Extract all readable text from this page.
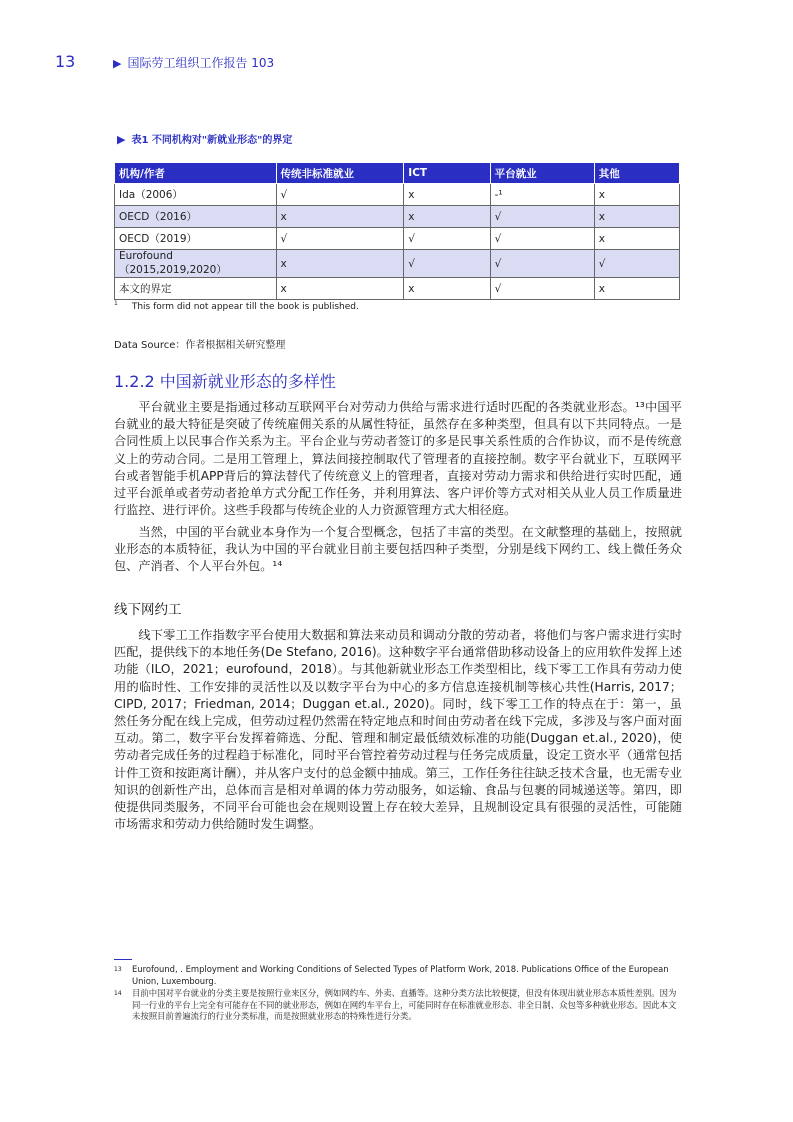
13	▶ 国际劳工组织工作报告 103
▶ 表1 不同机构对"新就业形态"的界定
机构/作者	传统非标准就业	ICT	平台就业	其他
Ida（2006）	√	x	-¹	x
OECD（2016）	x	x	√	x
OECD（2019）	√	√	√	x
Eurofound（2015,2019,2020）	x	√	√	√
本文的界定	x	x	√	x
$^1$ This form did not appear till the book is published.
Data Source：作者根据相关研究整理
1.2.2 中国新就业形态的多样性

平台就业主要是指通过移动互联网平台对劳动力供给与需求进行适时匹配的各类就业形态。¹³中国平台就业的最大特征是突破了传统雇佣关系的从属性特征，虽然存在多种类型，但具有以下共同特点。一是合同性质上以民事合作关系为主。平台企业与劳动者签订的多是民事关系性质的合作协议，而不是传统意义上的劳动合同。二是用工管理上，算法间接控制取代了管理者的直接控制。数字平台就业下，互联网平台或者智能手机APP背后的算法替代了传统意义上的管理者，直接对劳动力需求和供给进行实时匹配，通过平台派单或者劳动者抢单方式分配工作任务，并利用算法、客户评价等方式对相关从业人员工作质量进行监控、进行评价。这些手段都与传统企业的人力资源管理方式大相径庭。

当然，中国的平台就业本身作为一个复合型概念，包括了丰富的类型。在文献整理的基础上，按照就业形态的本质特征，我认为中国的平台就业目前主要包括四种子类型，分别是线下网约工、线上微任务众包、产消者、个人平台外包。¹⁴

线下网约工

线下零工工作指数字平台使用大数据和算法来动员和调动分散的劳动者，将他们与客户需求进行实时匹配，提供线下的本地任务(De Stefano, 2016)。这种数字平台通常借助移动设备上的应用软件发挥上述功能（ILO，2021；eurofound，2018）。与其他新就业形态工作类型相比，线下零工工作具有劳动力使用的临时性、工作安排的灵活性以及以数字平台为中心的多方信息连接机制等核心共性(Harris, 2017； CIPD, 2017；Friedman, 2014；Duggan et.al., 2020)。同时，线下零工工作的特点在于：第一，虽然任务分配在线上完成，但劳动过程仍然需在特定地点和时间由劳动者在线下完成，多涉及与客户面对面互动。第二，数字平台发挥着筛选、分配、管理和制定最低绩效标准的功能(Duggan et.al., 2020)，使劳动者完成任务的过程趋于标准化，同时平台管控着劳动过程与任务完成质量，设定工资水平（通常包括计件工资和按距离计酬），并从客户支付的总金额中抽成。第三，工作任务往往缺乏技术含量，也无需专业知识的创新性产出，总体而言是相对单调的体力劳动服务，如运输、食品与包裹的同城递送等。第四，即使提供同类服务，不同平台可能也会在规则设置上存在较大差异，且规制设定具有很强的灵活性，可能随市场需求和劳动力供给随时发生调整。

13 Eurofound, . Employment and Working Conditions of Selected Types of Platform Work, 2018. Publications Office of the European Union, Luxembourg.
14 目前中国对平台就业的分类主要是按照行业来区分，例如网约车、外卖、直播等。这种分类方法比较便捷，但没有体现出就业形态本质性差别。因为同一行业的平台上完全有可能存在不同的就业形态，例如在网约车平台上，可能同时存在标准就业形态、非全日制、众包等多种就业形态。因此本文未按照目前普遍流行的行业分类标准，而是按照就业形态的特殊性进行分类。
